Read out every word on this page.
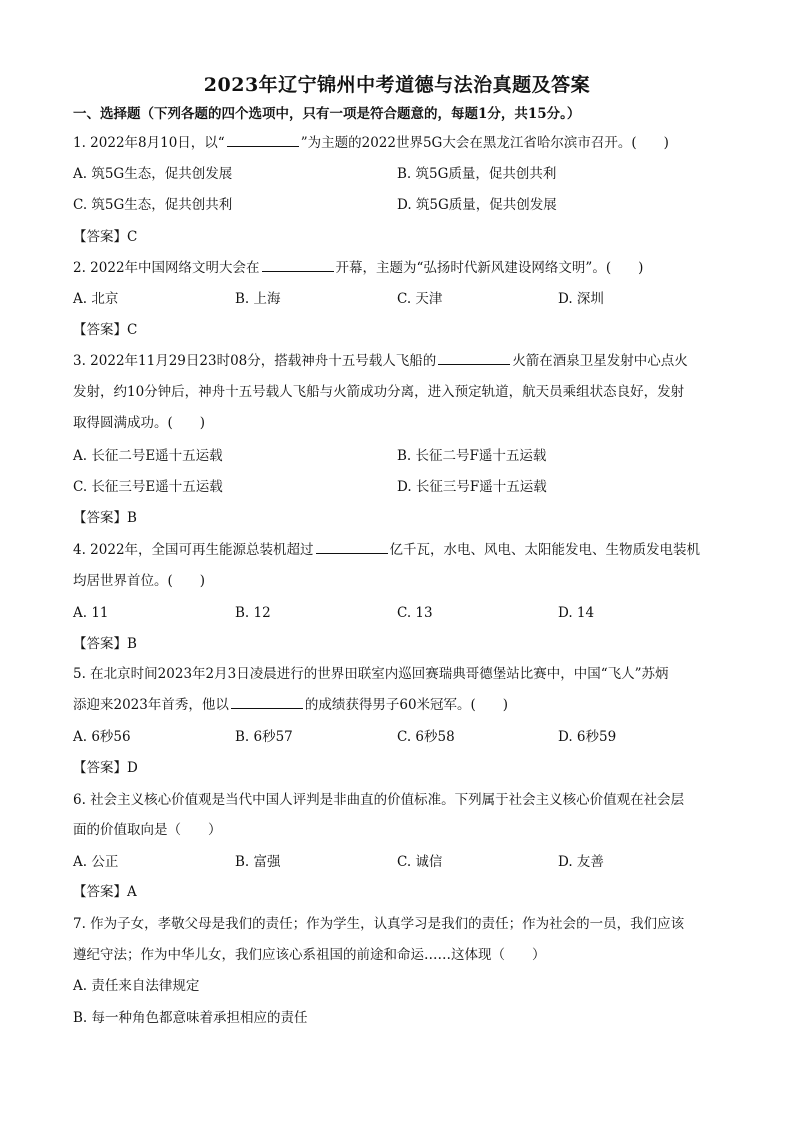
2023年辽宁锦州中考道德与法治真题及答案
一、选择题（下列各题的四个选项中，只有一项是符合题意的，每题1分，共15分。）
1. 2022年8月10日，以“	”为主题的2022世界5G大会在黑龙江省哈尔滨市召开。(　　)
A. 筑5G生态，促共创发展	B. 筑5G质量，促共创共利
C. 筑5G生态，促共创共利	D. 筑5G质量，促共创发展
【答案】C
2. 2022年中国网络文明大会在	开幕，主题为“弘扬时代新风建设网络文明”。(　　)
A. 北京	B. 上海	C. 天津	D. 深圳
【答案】C
3. 2022年11月29日23时08分，搭载神舟十五号载人飞船的	火箭在酒泉卫星发射中心点火
发射，约10分钟后，神舟十五号载人飞船与火箭成功分离，进入预定轨道，航天员乘组状态良好，发射
取得圆满成功。(　　)
A. 长征二号E遥十五运载	B. 长征二号F遥十五运载
C. 长征三号E遥十五运载	D. 长征三号F遥十五运载
【答案】B
4. 2022年，全国可再生能源总装机超过	亿千瓦，水电、风电、太阳能发电、生物质发电装机
均居世界首位。(　　)
A. 11	B. 12	C. 13	D. 14
【答案】B
5. 在北京时间2023年2月3日凌晨进行的世界田联室内巡回赛瑞典哥德堡站比赛中，中国“飞人”苏炳
添迎来2023年首秀，他以	的成绩获得男子60米冠军。(　　)
A. 6秒56	B. 6秒57	C. 6秒58	D. 6秒59
【答案】D
6. 社会主义核心价值观是当代中国人评判是非曲直的价值标准。下列属于社会主义核心价值观在社会层
面的价值取向是（　　）
A. 公正	B. 富强	C. 诚信	D. 友善
【答案】A
7. 作为子女，孝敬父母是我们的责任；作为学生，认真学习是我们的责任；作为社会的一员，我们应该
遵纪守法；作为中华儿女，我们应该心系祖国的前途和命运……这体现（　　）
A. 责任来自法律规定
B. 每一种角色都意味着承担相应的责任
